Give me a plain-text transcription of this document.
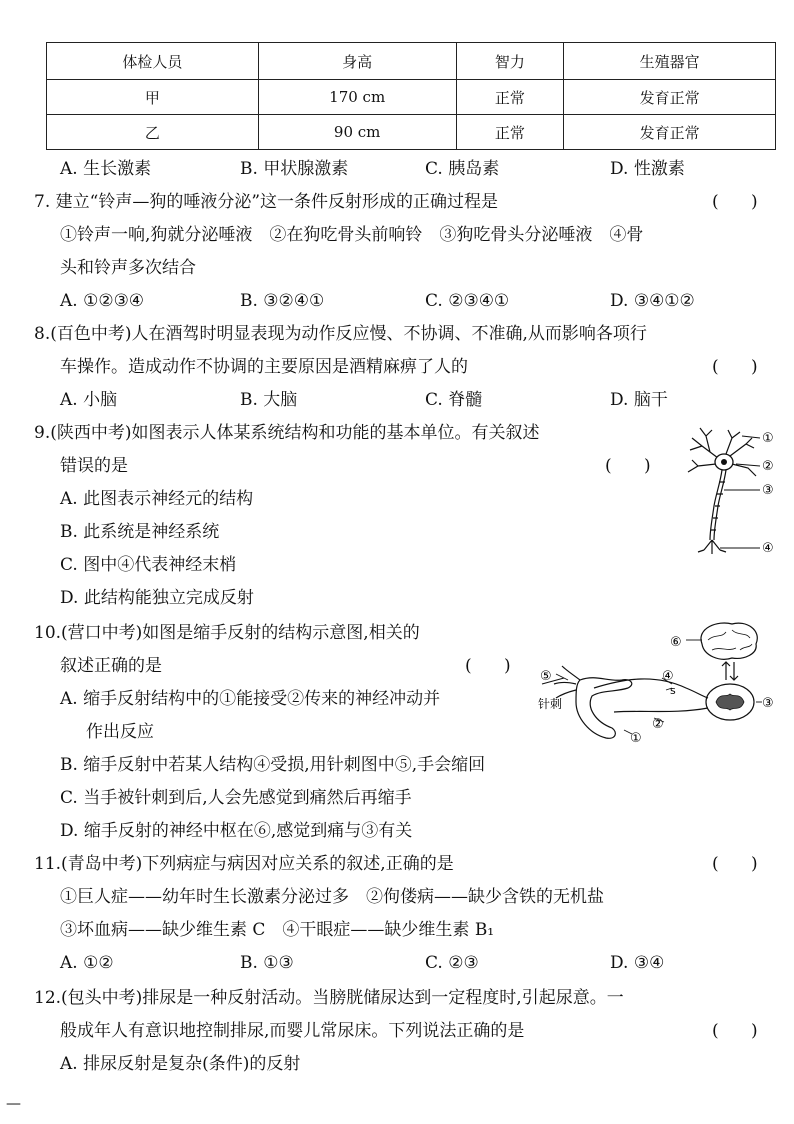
体检人员	身高	智力	生殖器官
甲	170 cm	正常	发育正常
乙	90 cm	正常	发育正常
A. 生长激素	B. 甲状腺激素	C. 胰岛素	D. 性激素
7. 建立“铃声—狗的唾液分泌”这一条件反射形成的正确过程是	(      )
①铃声一响,狗就分泌唾液　②在狗吃骨头前响铃　③狗吃骨头分泌唾液　④骨
头和铃声多次结合
A. ①②③④	B. ③②④①	C. ②③④①	D. ③④①②
8.(百色中考)人在酒驾时明显表现为动作反应慢、不协调、不准确,从而影响各项行
车操作。造成动作不协调的主要原因是酒精麻痹了人的	(      )
A. 小脑	B. 大脑	C. 脊髓	D. 脑干
9.(陕西中考)如图表示人体某系统结构和功能的基本单位。有关叙述
错误的是	(      )
A. 此图表示神经元的结构
B. 此系统是神经系统
C. 图中④代表神经末梢
D. 此结构能独立完成反射
①
②
③
④
10.(营口中考)如图是缩手反射的结构示意图,相关的
叙述正确的是	(      )
A. 缩手反射结构中的①能接受②传来的神经冲动并
作出反应
B. 缩手反射中若某人结构④受损,用针刺图中⑤,手会缩回
C. 当手被针刺到后,人会先感觉到痛然后再缩手
D. 缩手反射的神经中枢在⑥,感觉到痛与③有关
⑥
④
⑤
针刺	③
②
①
s
11.(青岛中考)下列病症与病因对应关系的叙述,正确的是	(      )
①巨人症——幼年时生长激素分泌过多　②佝偻病——缺少含铁的无机盐
③坏血病——缺少维生素 C　④干眼症——缺少维生素 B₁
A. ①②	B. ①③	C. ②③	D. ③④
12.(包头中考)排尿是一种反射活动。当膀胱储尿达到一定程度时,引起尿意。一
般成年人有意识地控制排尿,而婴儿常尿床。下列说法正确的是	(      )
A. 排尿反射是复杂(条件)的反射
—
